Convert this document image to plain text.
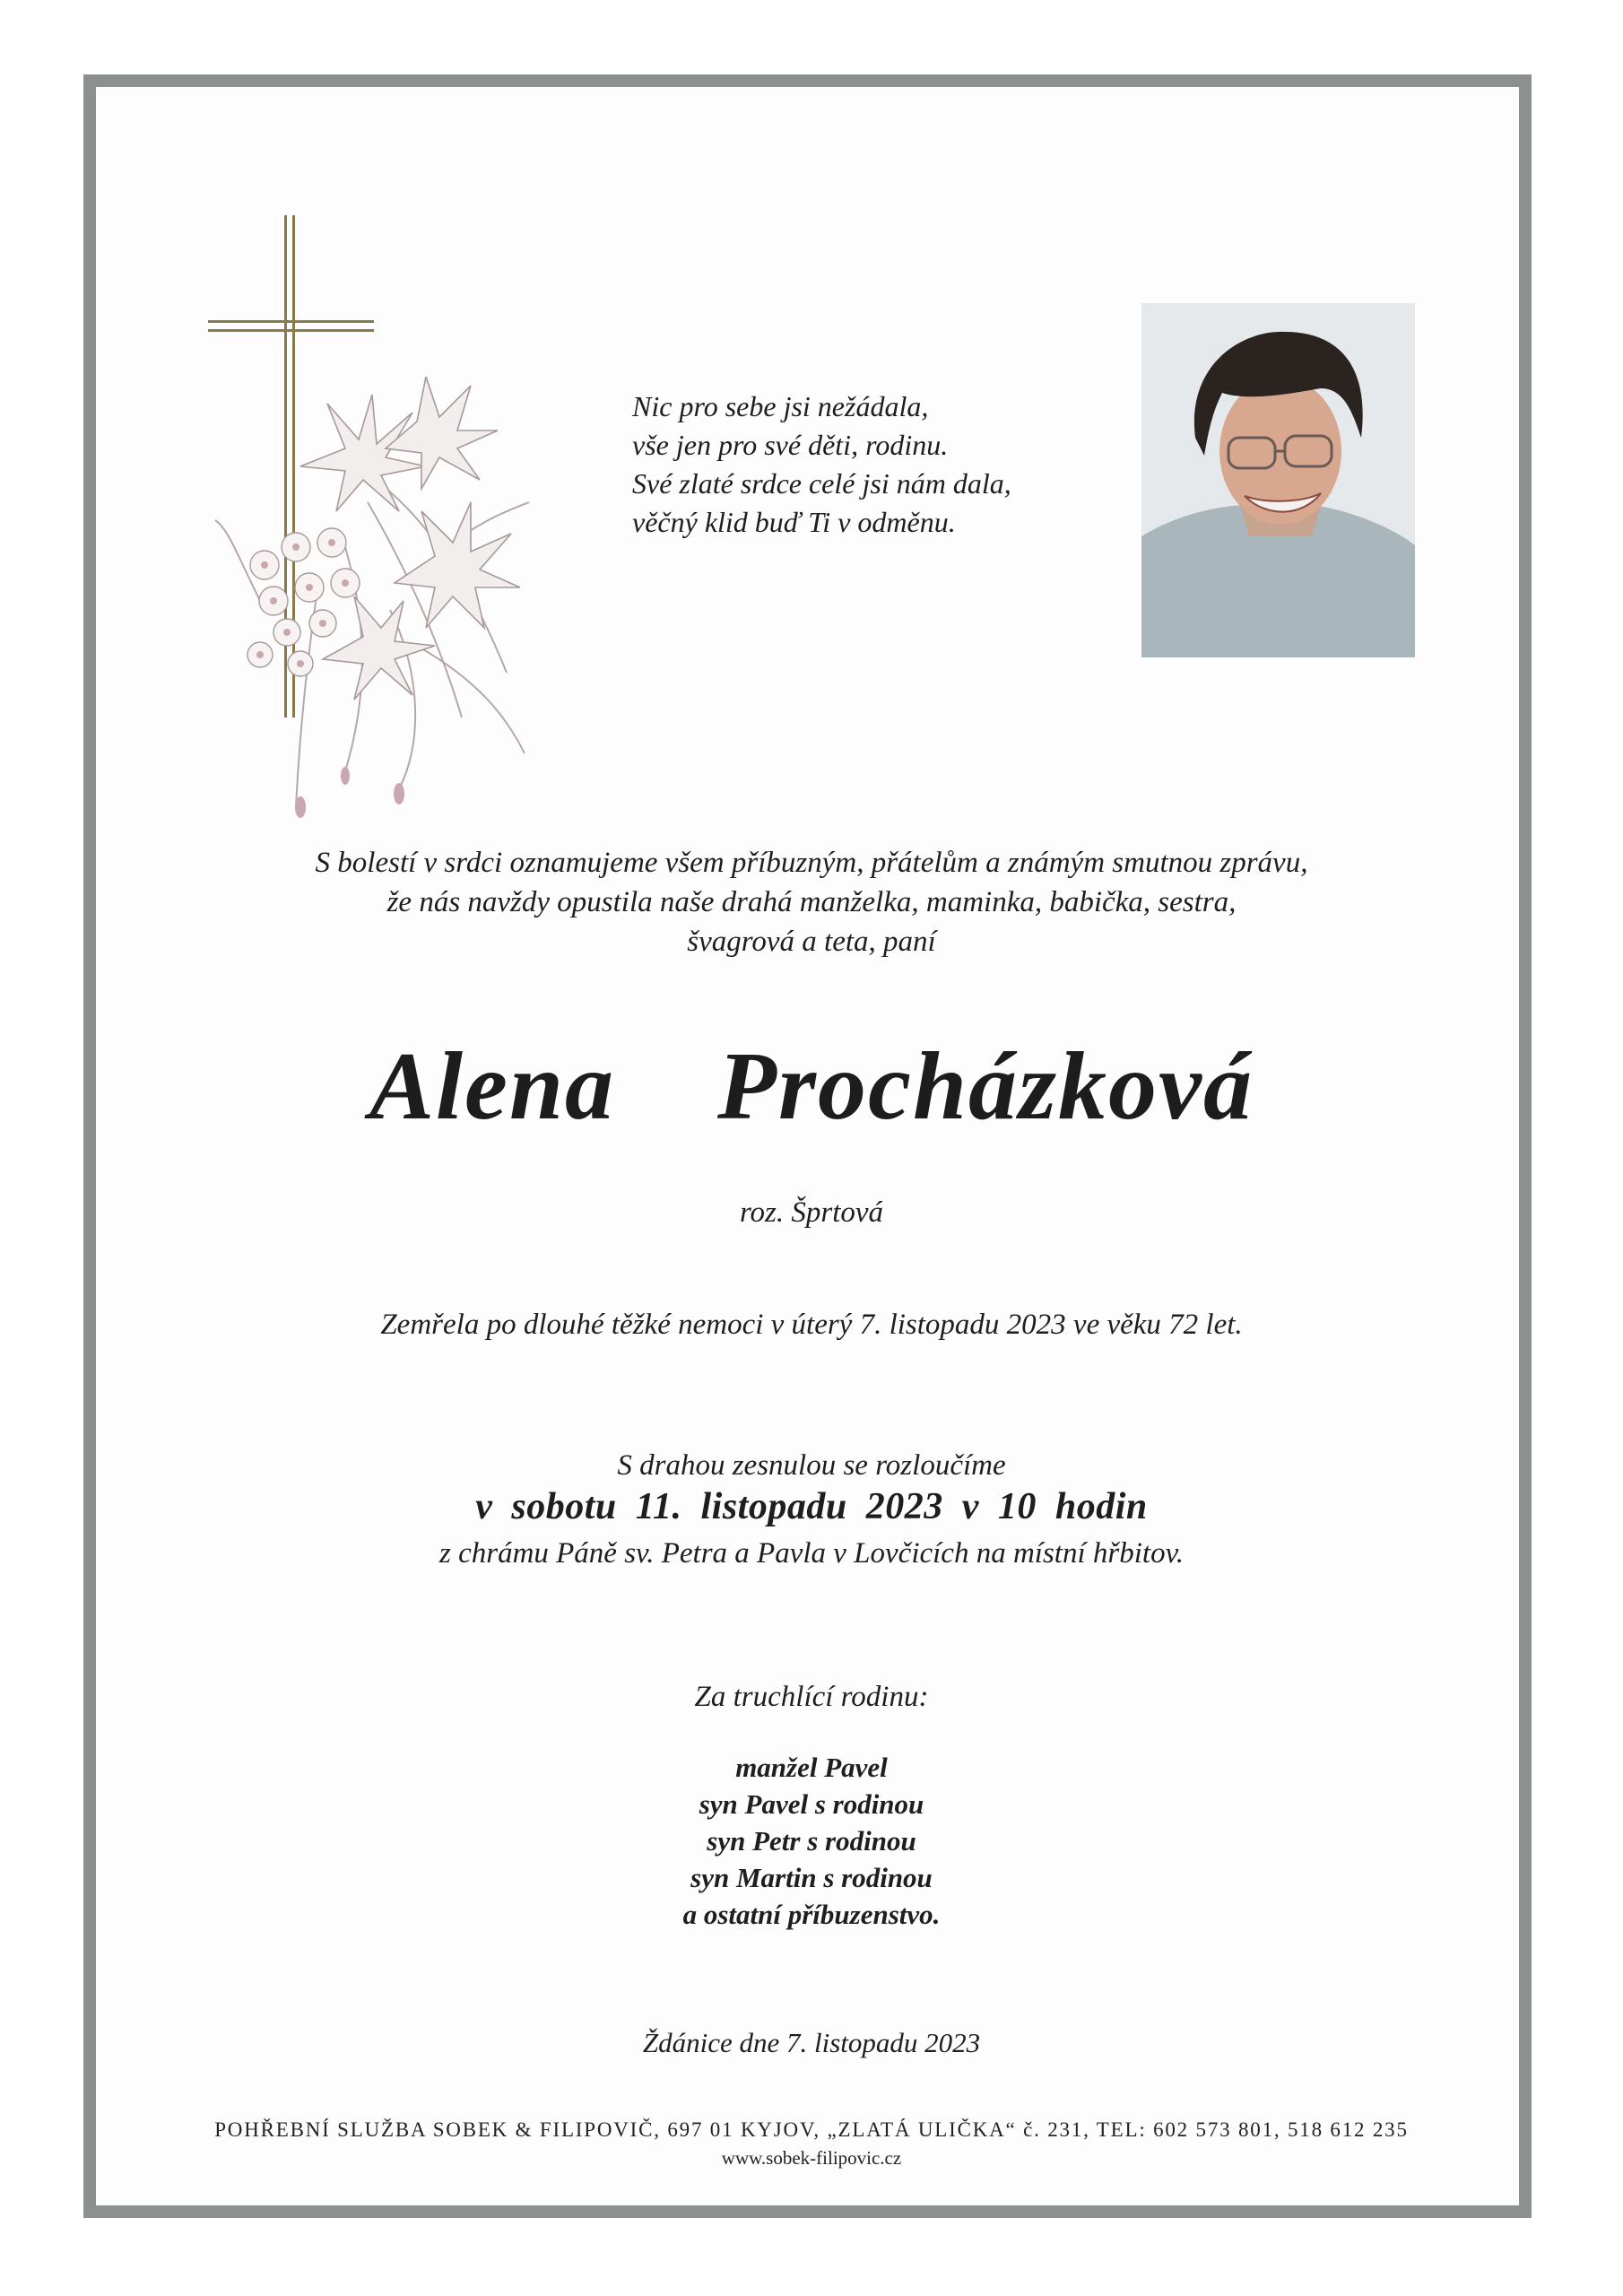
Nic pro sebe jsi nežádala,
vše jen pro své děti, rodinu.
Své zlaté srdce celé jsi nám dala,
věčný klid buď Ti v odměnu.
S bolestí v srdci oznamujeme všem příbuzným, přátelům a známým smutnou zprávu,
že nás navždy opustila naše drahá manželka, maminka, babička, sestra,
švagrová a teta, paní
Alena  Procházková
roz. Šprtová
Zemřela po dlouhé těžké nemoci v úterý 7. listopadu 2023 ve věku 72 let.
S drahou zesnulou se rozloučíme
v sobotu 11. listopadu 2023 v 10 hodin
z chrámu Páně sv. Petra a Pavla v Lovčicích na místní hřbitov.
Za truchlící rodinu:
manžel Pavel
syn Pavel s rodinou
syn Petr s rodinou
syn Martin s rodinou
a ostatní příbuzenstvo.
Ždánice dne 7. listopadu 2023
POHŘEBNÍ SLUŽBA SOBEK & FILIPOVIČ, 697 01 KYJOV, „ZLATÁ ULIČKA“ č. 231, TEL: 602 573 801, 518 612 235
www.sobek-filipovic.cz
